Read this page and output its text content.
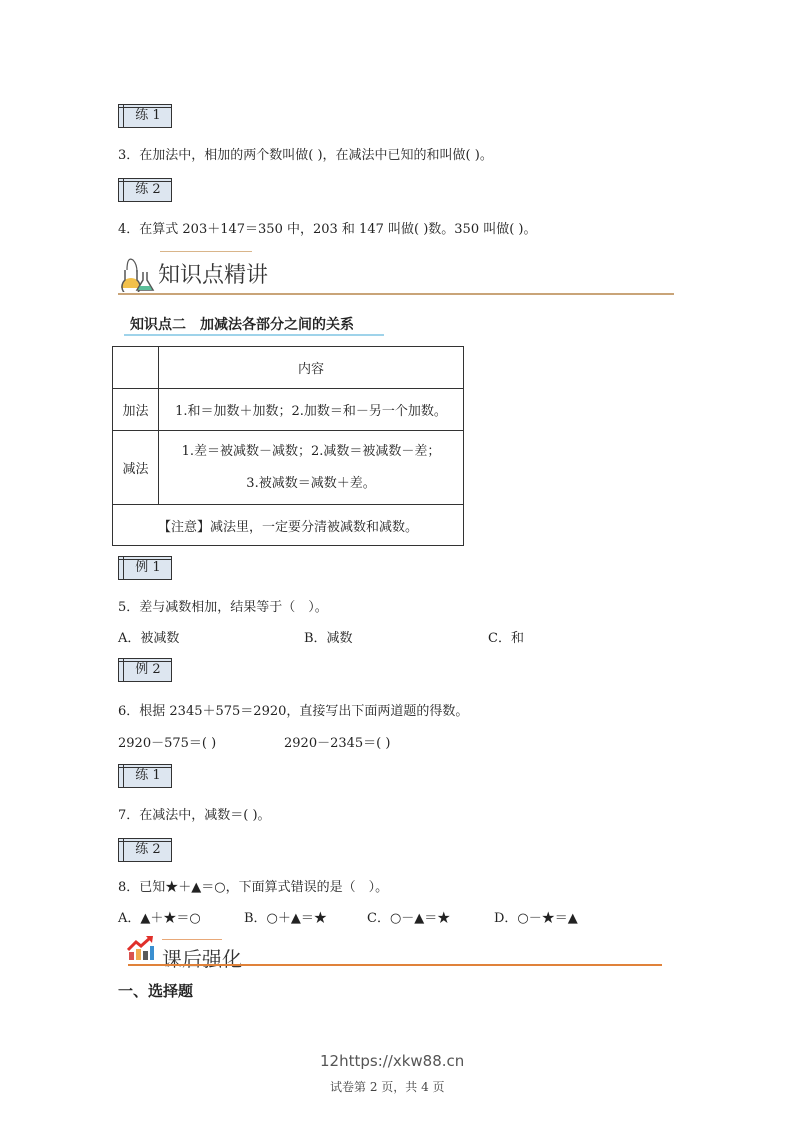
练 1
3．在加法中，相加的两个数叫做( )，在减法中已知的和叫做( )。
练 2
4．在算式 203＋147＝350 中，203 和 147 叫做( )数。350 叫做( )。
知识点精讲
知识点二　加减法各部分之间的关系
	内容
加法	1.和＝加数＋加数；2.加数＝和－另一个加数。
减法	1.差＝被减数－减数；2.减数＝被减数－差；
3.被减数＝减数＋差。

【注意】减法里，一定要分清被减数和减数。	
例 1
5．差与减数相加，结果等于（　）。
A．被减数	B．减数	C．和
例 2
6．根据 2345＋575＝2920，直接写出下面两道题的得数。
2920－575＝( )	2920－2345＝( )
练 1
7．在减法中，减数＝( )。
练 2
8．已知★＋▲＝○，下面算式错误的是（　）。
A．▲＋★＝○	B．○＋▲＝★	C．○－▲＝★	D．○－★＝▲
课后强化
一、选择题
12https://xkw88.cn
试卷第 2 页，共 4 页
